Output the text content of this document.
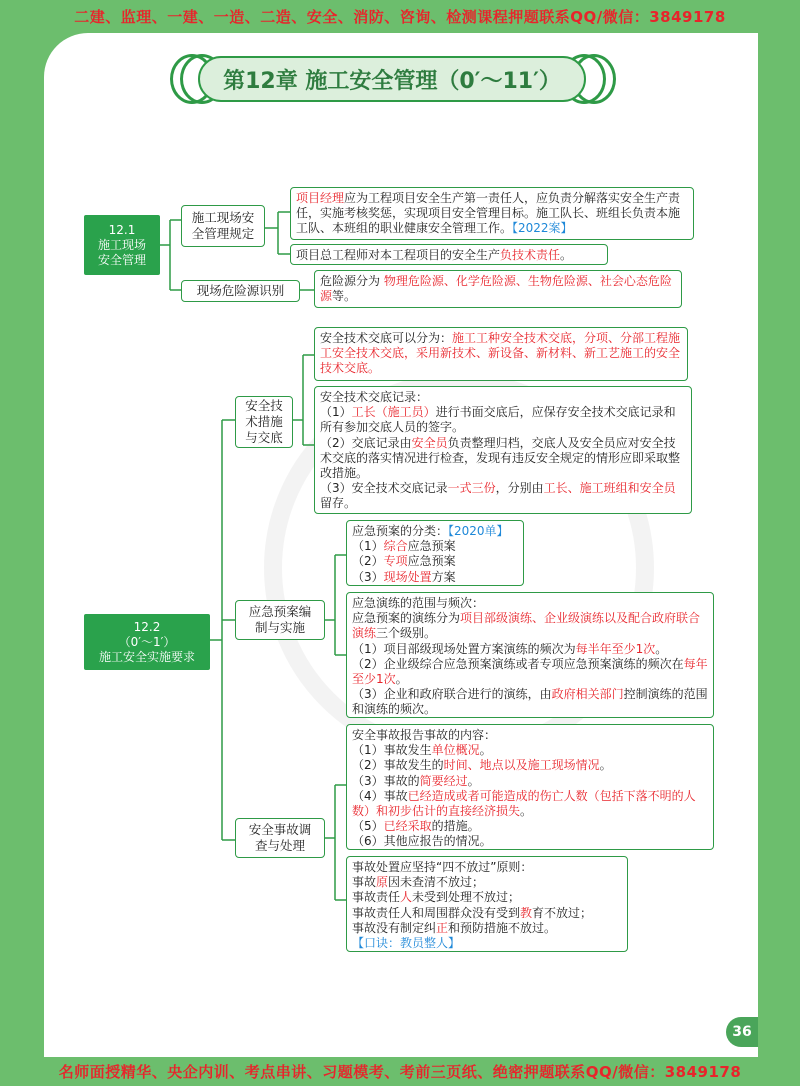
二建、监理、一建、一造、二造、安全、消防、咨询、检测课程押题联系QQ/微信：3849178
第12章 施工安全管理（0′～11′）
12.1
施工现场
安全管理
施工现场安
全管理规定
现场危险源识别

项目经理应为工程项目安全生产第一责任人，应负责分解落实安全生产责任，实施考核奖惩，实现项目安全管理目标。施工队长、班组长负责本施工队、本班组的职业健康安全管理工作。【2022案】

项目总工程师对本工程项目的安全生产负技术责任。

危险源分为 物理危险源、化学危险源、生物危险源、社会心态危险源等。

12.2
（0′～1′）
施工安全实施要求
安全技
术措施
与交底
应急预案编
制与实施
安全事故调
查与处理

安全技术交底可以分为：施工工种安全技术交底，分项、分部工程施工安全技术交底，采用新技术、新设备、新材料、新工艺施工的安全技术交底。

安全技术交底记录：

（1）工长（施工员）进行书面交底后，应保存安全技术交底记录和所有参加交底人员的签字。

（2）交底记录由安全员负责整理归档，交底人及安全员应对安全技术交底的落实情况进行检查，发现有违反安全规定的情形应即采取整改措施。

（3）安全技术交底记录一式三份，分别由工长、施工班组和安全员留存。

应急预案的分类：【2020单】

（1）综合应急预案

（2）专项应急预案

（3）现场处置方案

应急演练的范围与频次：

应急预案的演练分为项目部级演练、企业级演练以及配合政府联合演练三个级别。

（1）项目部级现场处置方案演练的频次为每半年至少1次。

（2）企业级综合应急预案演练或者专项应急预案演练的频次在每年至少1次。

（3）企业和政府联合进行的演练，由政府相关部门控制演练的范围和演练的频次。

安全事故报告事故的内容：

（1）事故发生单位概况。

（2）事故发生的时间、地点以及施工现场情况。

（3）事故的简要经过。

（4）事故已经造成或者可能造成的伤亡人数（包括下落不明的人数）和初步估计的直接经济损失。

（5）已经采取的措施。

（6）其他应报告的情况。

事故处置应坚持“四不放过”原则：

事故原因未查清不放过；

事故责任人未受到处理不放过；

事故责任人和周围群众没有受到教育不放过；

事故没有制定纠正和预防措施不放过。

【口诀：教员整人】

36
名师面授精华、央企内训、考点串讲、习题模考、考前三页纸、绝密押题联系QQ/微信：3849178
